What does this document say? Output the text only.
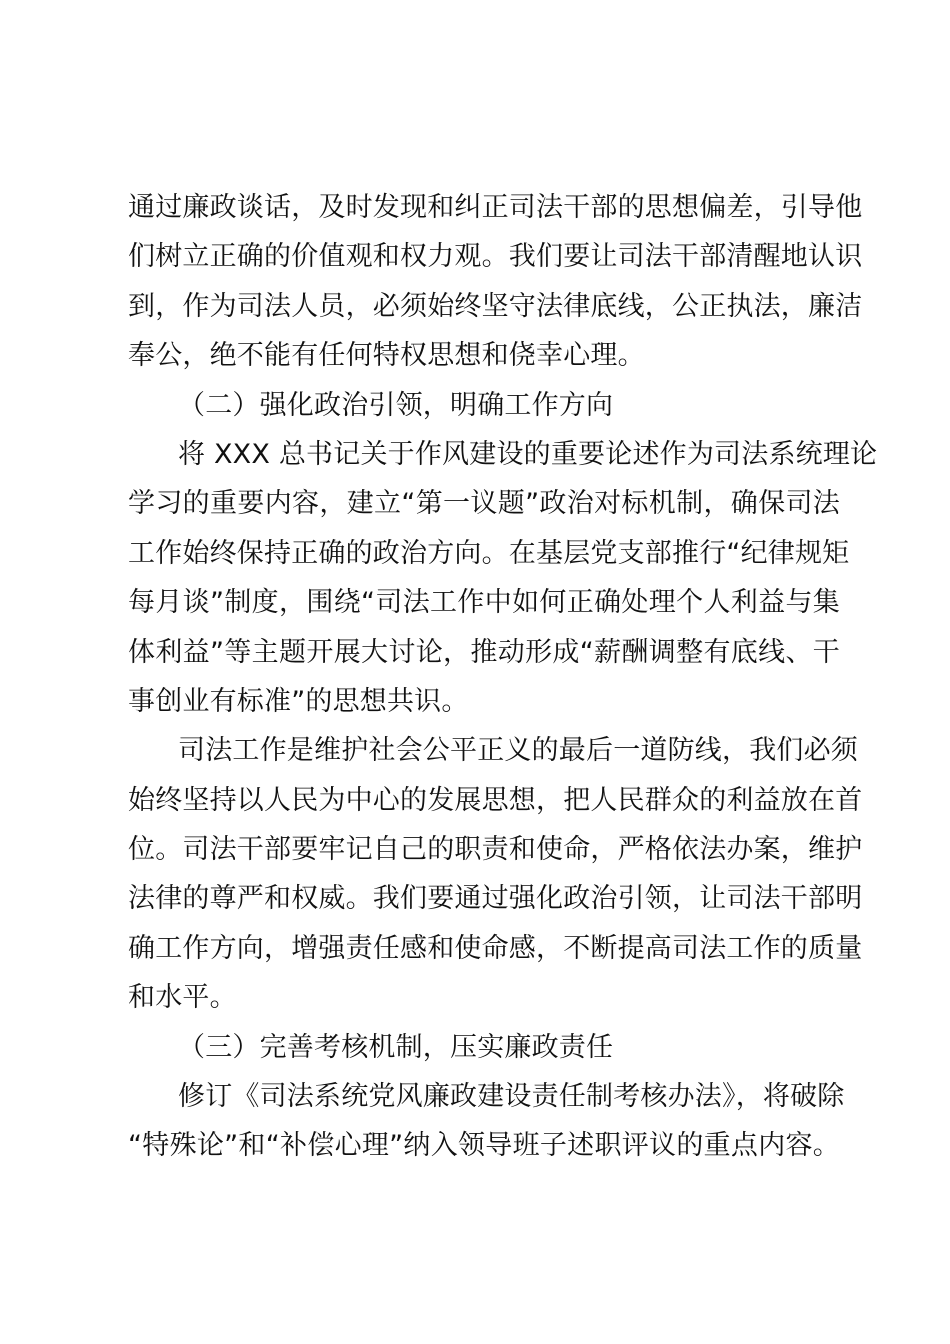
通过廉政谈话，及时发现和纠正司法干部的思想偏差，引导他
们树立正确的价值观和权力观。我们要让司法干部清醒地认识
到，作为司法人员，必须始终坚守法律底线，公正执法，廉洁
奉公，绝不能有任何特权思想和侥幸心理。
（二）强化政治引领，明确工作方向
将 XXX 总书记关于作风建设的重要论述作为司法系统理论
学习的重要内容，建立“第一议题”政治对标机制，确保司法
工作始终保持正确的政治方向。在基层党支部推行“纪律规矩
每月谈”制度，围绕“司法工作中如何正确处理个人利益与集
体利益”等主题开展大讨论，推动形成“薪酬调整有底线、干
事创业有标准”的思想共识。
司法工作是维护社会公平正义的最后一道防线，我们必须
始终坚持以人民为中心的发展思想，把人民群众的利益放在首
位。司法干部要牢记自己的职责和使命，严格依法办案，维护
法律的尊严和权威。我们要通过强化政治引领，让司法干部明
确工作方向，增强责任感和使命感，不断提高司法工作的质量
和水平。
（三）完善考核机制，压实廉政责任
修订《司法系统党风廉政建设责任制考核办法》，将破除
“特殊论”和“补偿心理”纳入领导班子述职评议的重点内容。
